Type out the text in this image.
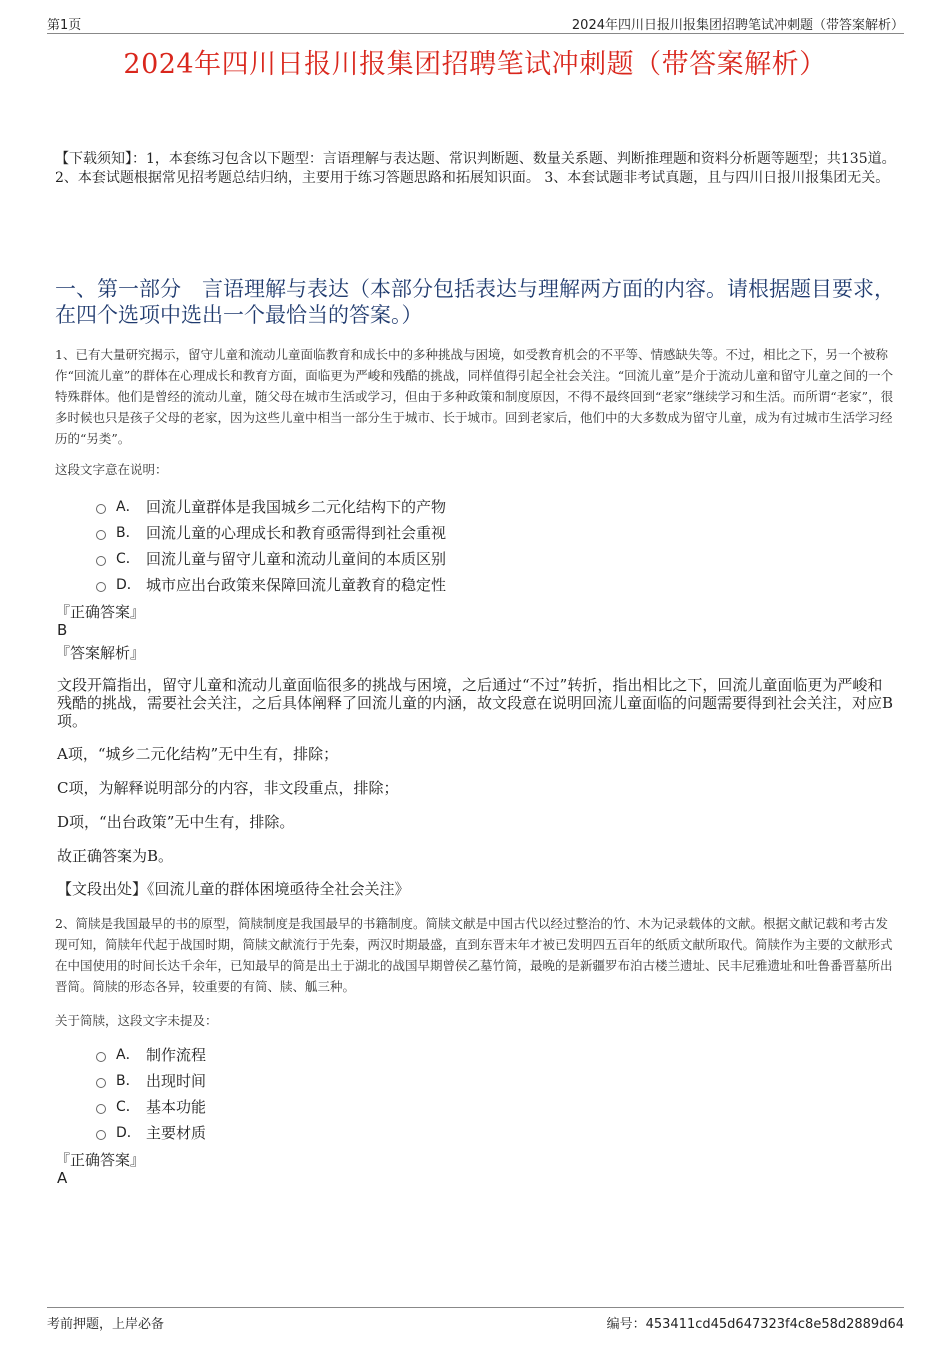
第1页	2024年四川日报川报集团招聘笔试冲刺题（带答案解析）
2024年四川日报川报集团招聘笔试冲刺题（带答案解析）
【下载须知】：1，本套练习包含以下题型：言语理解与表达题、常识判断题、数量关系题、判断推理题和资料分析题等题型；共135道。 2、本套试题根据常见招考题总结归纳，主要用于练习答题思路和拓展知识面。 3、本套试题非考试真题，且与四川日报川报集团无关。
一、第一部分　言语理解与表达（本部分包括表达与理解两方面的内容。请根据题目要求，在四个选项中选出一个最恰当的答案。）
1、已有大量研究揭示，留守儿童和流动儿童面临教育和成长中的多种挑战与困境，如受教育机会的不平等、情感缺失等。不过，相比之下，另一个被称作“回流儿童”的群体在心理成长和教育方面，面临更为严峻和残酷的挑战，同样值得引起全社会关注。“回流儿童”是介于流动儿童和留守儿童之间的一个特殊群体。他们是曾经的流动儿童，随父母在城市生活或学习，但由于多种政策和制度原因，不得不最终回到“老家”继续学习和生活。而所谓“老家”，很多时候也只是孩子父母的老家，因为这些儿童中相当一部分生于城市、长于城市。回到老家后，他们中的大多数成为留守儿童，成为有过城市生活学习经历的“另类”。
这段文字意在说明：
A． 回流儿童群体是我国城乡二元化结构下的产物
B． 回流儿童的心理成长和教育亟需得到社会重视
C． 回流儿童与留守儿童和流动儿童间的本质区别
D． 城市应出台政策来保障回流儿童教育的稳定性
『正确答案』
B
『答案解析』
文段开篇指出，留守儿童和流动儿童面临很多的挑战与困境，之后通过“不过”转折，指出相比之下，回流儿童面临更为严峻和残酷的挑战，需要社会关注，之后具体阐释了回流儿童的内涵，故文段意在说明回流儿童面临的问题需要得到社会关注，对应B项。
A项，“城乡二元化结构”无中生有，排除；
C项，为解释说明部分的内容，非文段重点，排除；
D项，“出台政策”无中生有，排除。
故正确答案为B。
【文段出处】《回流儿童的群体困境亟待全社会关注》
2、简牍是我国最早的书的原型，简牍制度是我国最早的书籍制度。简牍文献是中国古代以经过整治的竹、木为记录载体的文献。根据文献记载和考古发现可知，简牍年代起于战国时期，简牍文献流行于先秦，两汉时期最盛，直到东晋末年才被已发明四五百年的纸质文献所取代。简牍作为主要的文献形式在中国使用的时间长达千余年，已知最早的简是出土于湖北的战国早期曾侯乙墓竹简，最晚的是新疆罗布泊古楼兰遗址、民丰尼雅遗址和吐鲁番晋墓所出晋简。简牍的形态各异，较重要的有简、牍、觚三种。
关于简牍，这段文字未提及：
A． 制作流程
B． 出现时间
C． 基本功能
D． 主要材质
『正确答案』
A
考前押题，上岸必备	编号：453411cd45d647323f4c8e58d2889d64
